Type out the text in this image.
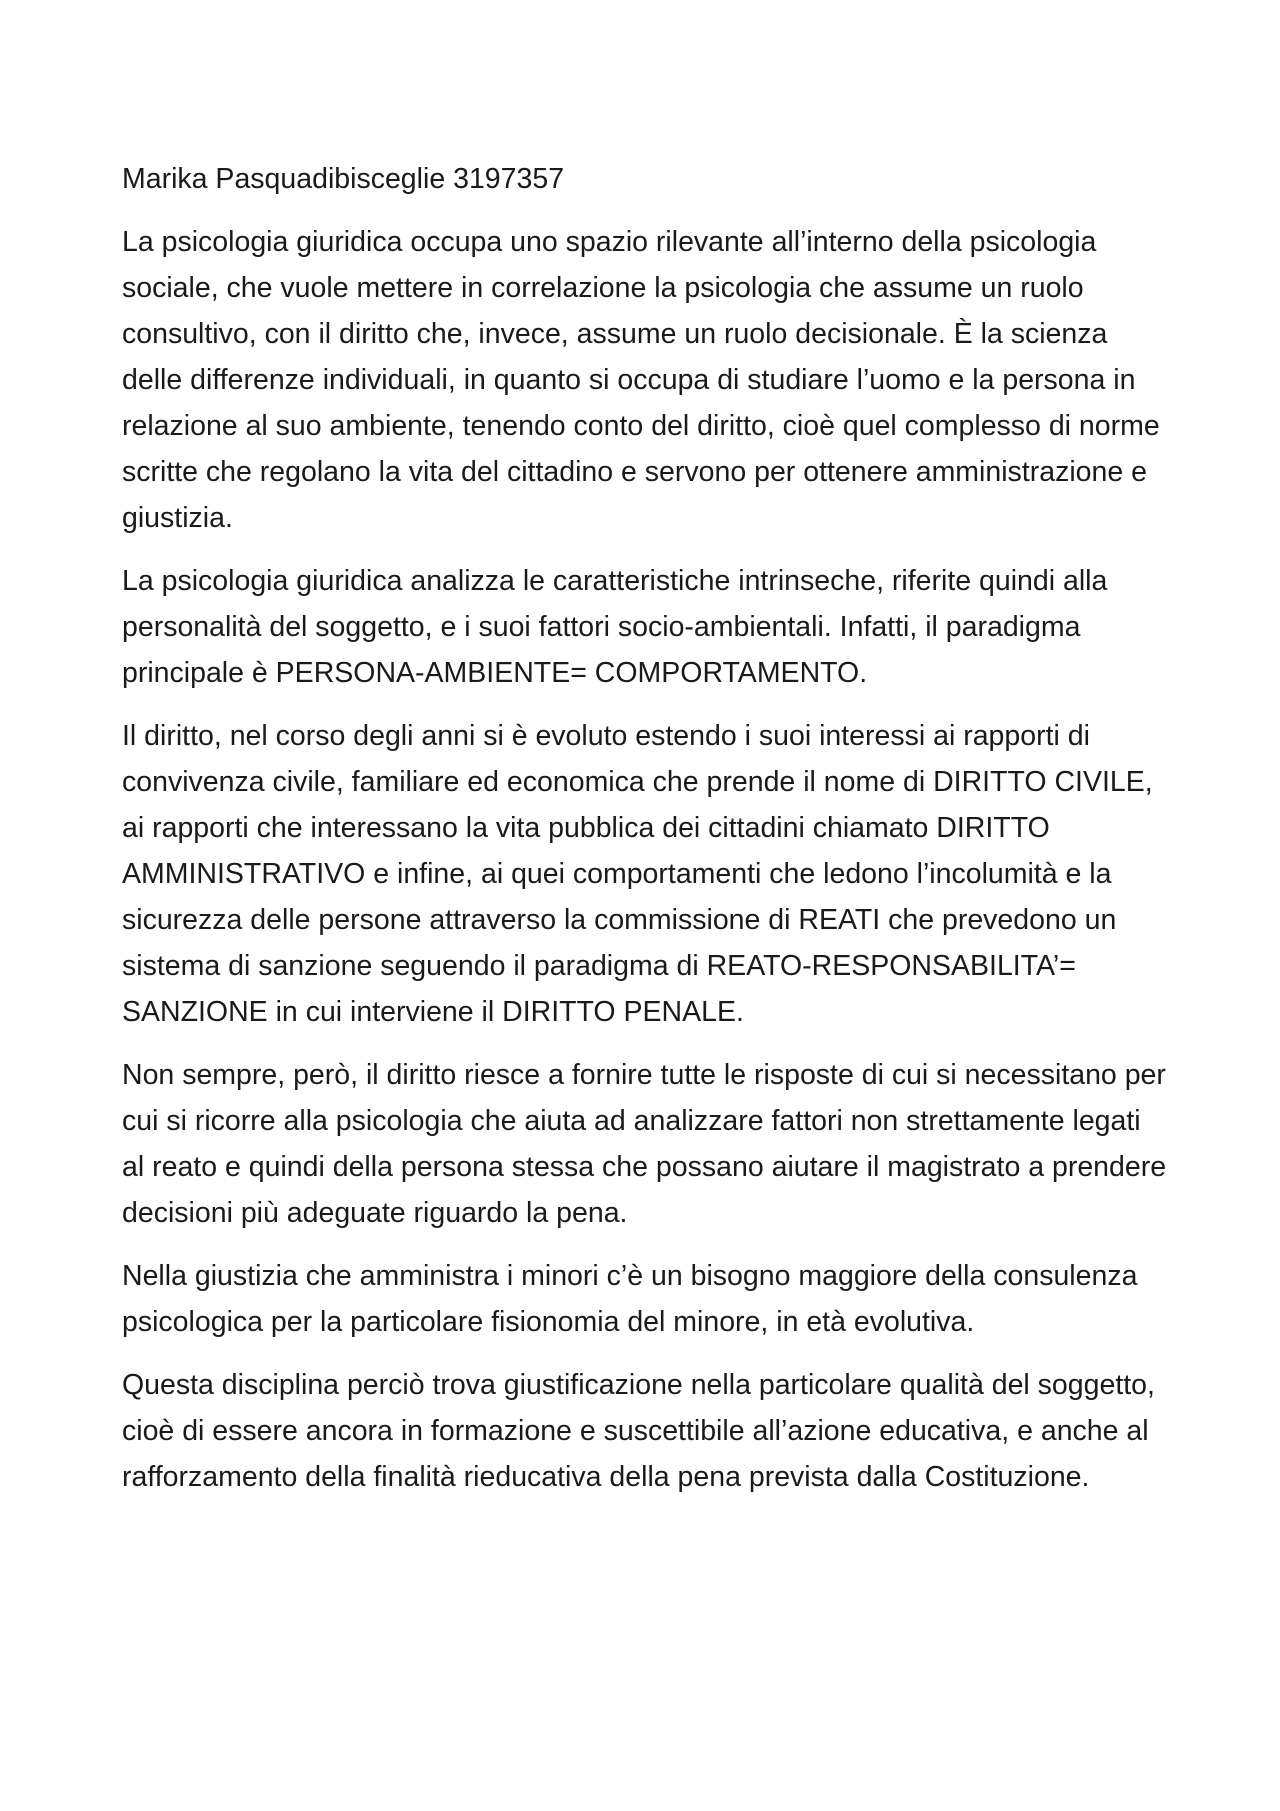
Marika Pasquadibisceglie 3197357

La psicologia giuridica occupa uno spazio rilevante all’interno della psicologia sociale, che vuole mettere in correlazione la psicologia che assume un ruolo consultivo, con il diritto che, invece, assume un ruolo decisionale. È la scienza delle differenze individuali, in quanto si occupa di studiare l’uomo e la persona in relazione al suo ambiente, tenendo conto del diritto, cioè quel complesso di norme scritte che regolano la vita del cittadino e servono per ottenere amministrazione e giustizia.

La psicologia giuridica analizza le caratteristiche intrinseche, riferite quindi alla personalità del soggetto, e i suoi fattori socio-ambientali. Infatti, il paradigma principale è PERSONA-AMBIENTE= COMPORTAMENTO.

Il diritto, nel corso degli anni si è evoluto estendo i suoi interessi ai rapporti di convivenza civile, familiare ed economica che prende il nome di DIRITTO CIVILE, ai rapporti che interessano la vita pubblica dei cittadini chiamato DIRITTO AMMINISTRATIVO e infine, ai quei comportamenti che ledono l’incolumità e la sicurezza delle persone attraverso la commissione di REATI che prevedono un sistema di sanzione seguendo il paradigma di REATO-RESPONSABILITA’= SANZIONE in cui interviene il DIRITTO PENALE.

Non sempre, però, il diritto riesce a fornire tutte le risposte di cui si necessitano per cui si ricorre alla psicologia che aiuta ad analizzare fattori non strettamente legati al reato e quindi della persona stessa che possano aiutare il magistrato a prendere decisioni più adeguate riguardo la pena.

Nella giustizia che amministra i minori c’è un bisogno maggiore della consulenza psicologica per la particolare fisionomia del minore, in età evolutiva.

Questa disciplina perciò trova giustificazione nella particolare qualità del soggetto, cioè di essere ancora in formazione e suscettibile all’azione educativa, e anche al rafforzamento della finalità rieducativa della pena prevista dalla Costituzione.
